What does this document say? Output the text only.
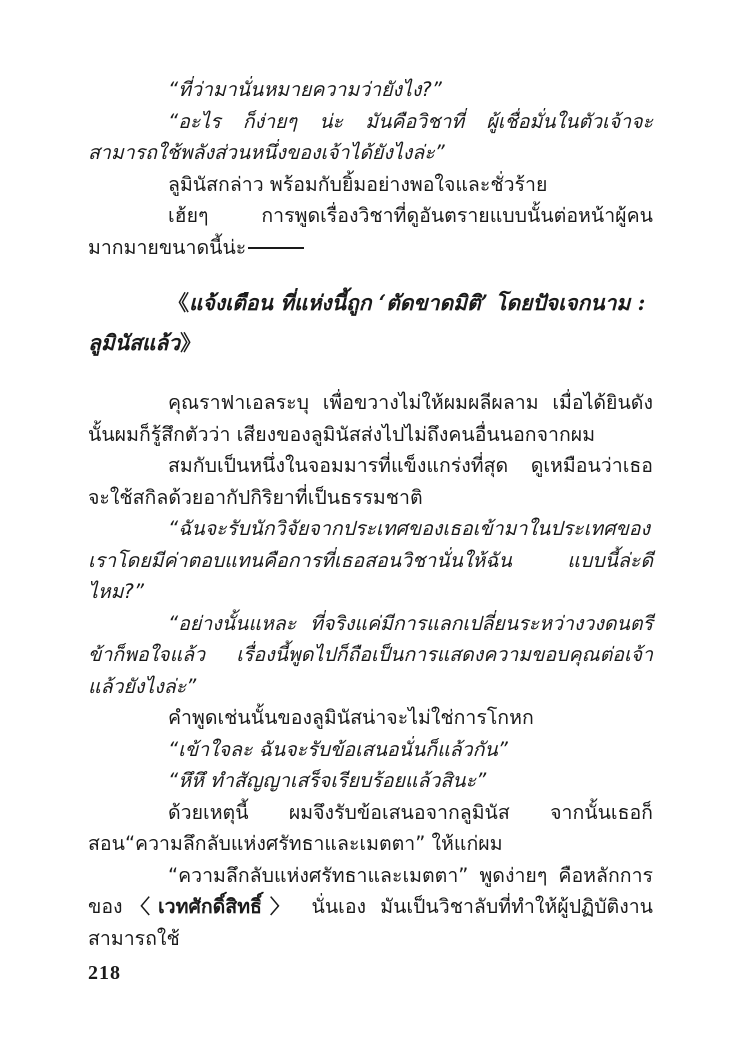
“ที่ว่ามานั่นหมายความว่ายังไง?”

“อะไร ก็ง่ายๆ น่ะ มันคือวิชาที่ ผู้เชื่อมั่นในตัวเจ้าจะสามารถใช้พลังส่วนหนึ่งของเจ้าได้ยังไงล่ะ”

ลูมินัสกล่าว พร้อมกับยิ้มอย่างพอใจและชั่วร้าย

เฮ้ยๆ การพูดเรื่องวิชาที่ดูอันตรายแบบนั้นต่อหน้าผู้คนมากมายขนาดนี้น่ะ

《แจ้งเตือน ที่แห่งนี้ถูก ‘ตัดขาดมิติ’ โดยปัจเจกนาม : ลูมินัสแล้ว》

คุณราฟาเอลระบุ เพื่อขวางไม่ให้ผมผลีผลาม เมื่อได้ยินดังนั้นผมก็รู้สึกตัวว่า เสียงของลูมินัสส่งไปไม่ถึงคนอื่นนอกจากผม

สมกับเป็นหนึ่งในจอมมารที่แข็งแกร่งที่สุด ดูเหมือนว่าเธอจะใช้สกิลด้วยอากัปกิริยาที่เป็นธรรมชาติ

“ฉันจะรับนักวิจัยจากประเทศของเธอเข้ามาในประเทศของเราโดยมีค่าตอบแทนคือการที่เธอสอนวิชานั่นให้ฉัน แบบนี้ล่ะดีไหม?”

“อย่างนั้นแหละ ที่จริงแค่มีการแลกเปลี่ยนระหว่างวงดนตรีข้าก็พอใจแล้ว เรื่องนี้พูดไปก็ถือเป็นการแสดงความขอบคุณต่อเจ้าแล้วยังไงล่ะ”

คำพูดเช่นนั้นของลูมินัสน่าจะไม่ใช่การโกหก

“เข้าใจละ ฉันจะรับข้อเสนอนั่นก็แล้วกัน”

“หึหึ ทำสัญญาเสร็จเรียบร้อยแล้วสินะ”

ด้วยเหตุนี้ ผมจึงรับข้อเสนอจากลูมินัส จากนั้นเธอก็สอน“ความลึกลับแห่งศรัทธาและเมตตา” ให้แก่ผม

“ความลึกลับแห่งศรัทธาและเมตตา” พูดง่ายๆ คือหลักการของ〈เวทศักดิ์สิทธิ์〉 นั่นเอง มันเป็นวิชาลับที่ทำให้ผู้ปฏิบัติงานสามารถใช้

218
